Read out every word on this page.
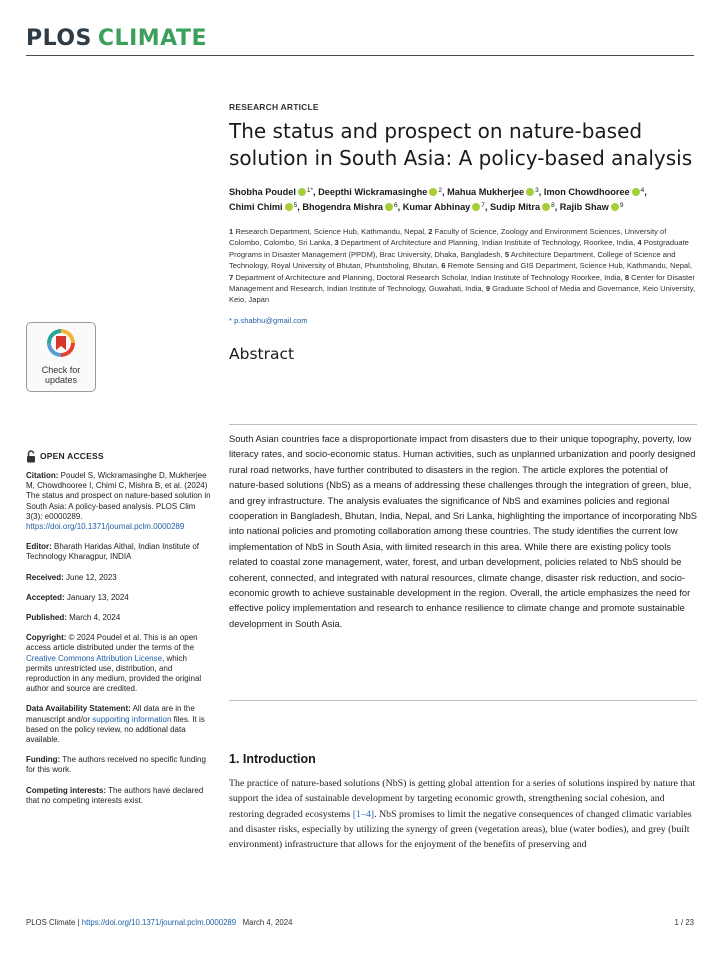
PLOS CLIMATE
Check for
updates
OPEN ACCESS

Citation: Poudel S, Wickramasinghe D, Mukherjee M, Chowdhooree I, Chimi C, Mishra B, et al. (2024) The status and prospect on nature-based solution in South Asia: A policy-based analysis. PLOS Clim 3(3): e0000289. https://doi.org/10.1371/journal.pclm.0000289

Editor: Bharath Haridas Aithal, Indian Institute of Technology Kharagpur, INDIA

Received: June 12, 2023

Accepted: January 13, 2024

Published: March 4, 2024

Copyright: © 2024 Poudel et al. This is an open access article distributed under the terms of the Creative Commons Attribution License, which permits unrestricted use, distribution, and reproduction in any medium, provided the original author and source are credited.

Data Availability Statement: All data are in the manuscript and/or supporting information files. It is based on the policy review, no addtional data available.

Funding: The authors received no specific funding for this work.

Competing interests: The authors have declared that no competing interests exist.

RESEARCH ARTICLE

The status and prospect on nature-based solution in South Asia: A policy-based analysis
Shobha Poudel $^{1*}$, Deepthi Wickramasinghe $^2$, Mahua Mukherjee $^3$, Imon Chowdhooree $^4$, Chimi Chimi $^5$, Bhogendra Mishra $^6$, Kumar Abhinay $^7$, Sudip Mitra $^8$, Rajib Shaw $^9$

1 Research Department, Science Hub, Kathmandu, Nepal, 2 Faculty of Science, Zoology and Environment Sciences, University of Colombo, Colombo, Sri Lanka, 3 Department of Architecture and Planning, Indian Institute of Technology, Roorkee, India, 4 Postgraduate Programs in Disaster Management (PPDM), Brac University, Dhaka, Bangladesh, 5 Architecture Department, College of Science and Technology, Royal University of Bhutan, Phuntsholing, Bhutan, 6 Remote Sensing and GIS Department, Science Hub, Kathmandu, Nepal, 7 Department of Architecture and Planning, Doctoral Research Scholar, Indian Institute of Technology Roorkee, India, 8 Center for Disaster Management and Research, Indian Institute of Technology, Guwahati, India, 9 Graduate School of Media and Governance, Keio University, Keio, Japan

* p.shabhu@gmail.com

Abstract

South Asian countries face a disproportionate impact from disasters due to their unique topography, poverty, low literacy rates, and socio-economic status. Human activities, such as unplanned urbanization and poorly designed rural road networks, have further contributed to disasters in the region. The article explores the potential of nature-based solutions (NbS) as a means of addressing these challenges through the integration of green, blue, and grey infrastructure. The analysis evaluates the significance of NbS and examines policies and regional cooperation in Bangladesh, Bhutan, India, Nepal, and Sri Lanka, highlighting the importance of incorporating NbS into national policies and promoting collaboration among these countries. The study identifies the current low implementation of NbS in South Asia, with limited research in this area. While there are existing policy tools related to coastal zone management, water, forest, and urban development, policies related to NbS should be coherent, connected, and integrated with natural resources, climate change, disaster risk reduction, and socio-economic growth to achieve sustainable development in the region. Overall, the article emphasizes the need for effective policy implementation and research to enhance resilience to climate change and promote sustainable development in South Asia.

1. Introduction

The practice of nature-based solutions (NbS) is getting global attention for a series of solutions inspired by nature that support the idea of sustainable development by targeting economic growth, strengthening social cohesion, and restoring degraded ecosystems [1–4]. NbS promises to limit the negative consequences of changed climatic variables and disaster risks, especially by utilizing the synergy of green (vegetation areas), blue (water bodies), and grey (built environment) infrastructure that allows for the enjoyment of the benefits of preserving and

PLOS Climate | https://doi.org/10.1371/journal.pclm.0000289 March 4, 2024	1 / 23
